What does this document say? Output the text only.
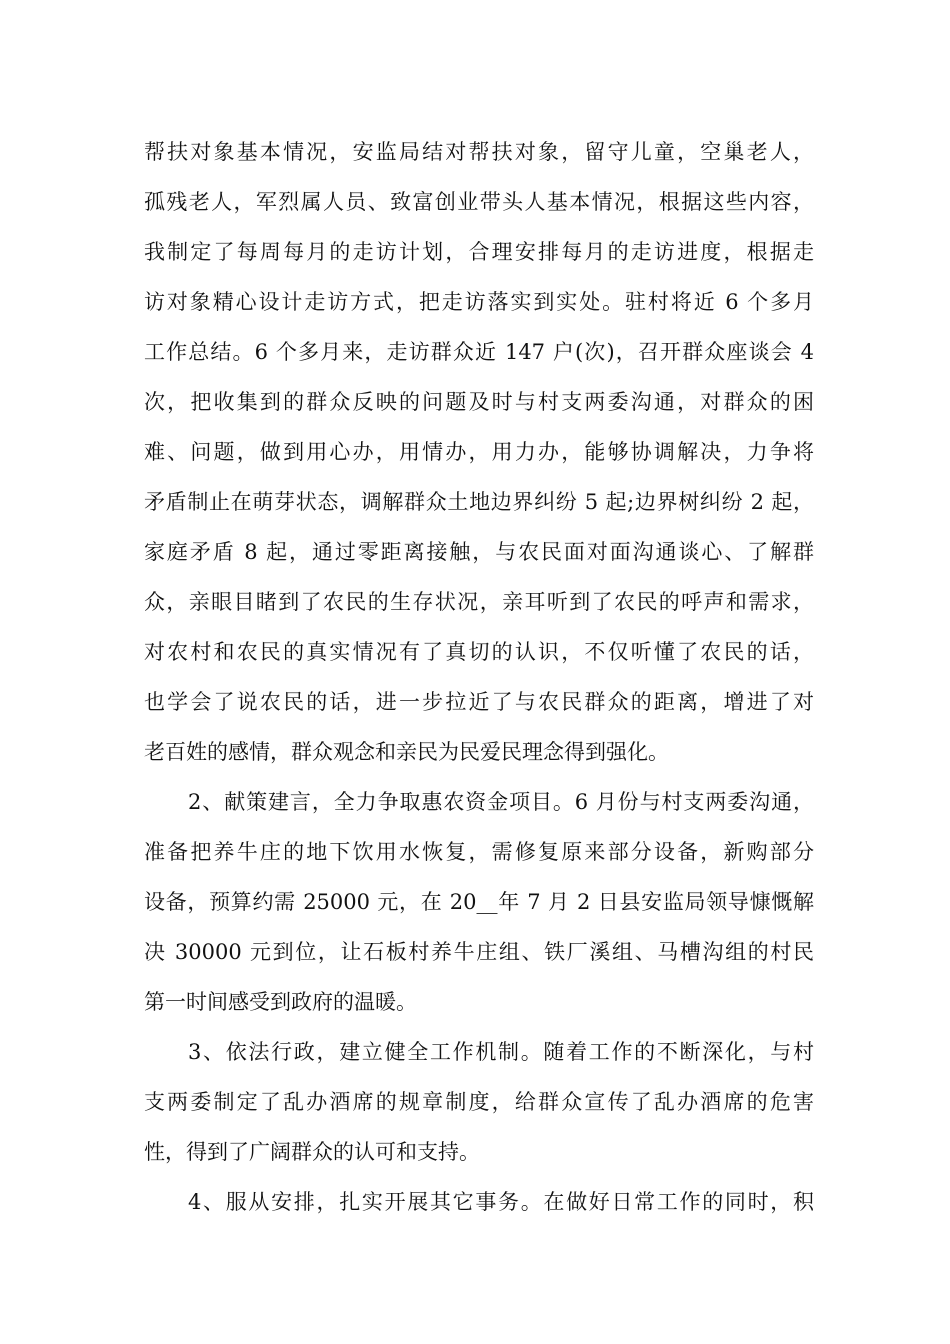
帮扶对象基本情况，安监局结对帮扶对象，留守儿童，空巢老人，
孤残老人，军烈属人员、致富创业带头人基本情况，根据这些内容，
我制定了每周每月的走访计划，合理安排每月的走访进度，根据走
访对象精心设计走访方式，把走访落实到实处。驻村将近 6 个多月
工作总结。6 个多月来，走访群众近 147 户(次)，召开群众座谈会 4
次，把收集到的群众反映的问题及时与村支两委沟通，对群众的困
难、问题，做到用心办，用情办，用力办，能够协调解决，力争将
矛盾制止在萌芽状态，调解群众土地边界纠纷 5 起;边界树纠纷 2 起，
家庭矛盾 8 起，通过零距离接触，与农民面对面沟通谈心、了解群
众，亲眼目睹到了农民的生存状况，亲耳听到了农民的呼声和需求，
对农村和农民的真实情况有了真切的认识，不仅听懂了农民的话，
也学会了说农民的话，进一步拉近了与农民群众的距离，增进了对
老百姓的感情，群众观念和亲民为民爱民理念得到强化。
2、献策建言，全力争取惠农资金项目。6 月份与村支两委沟通，
准备把养牛庄的地下饮用水恢复，需修复原来部分设备，新购部分
设备，预算约需 25000 元，在 20__年 7 月 2 日县安监局领导慷慨解
决 30000 元到位，让石板村养牛庄组、铁厂溪组、马槽沟组的村民
第一时间感受到政府的温暖。
3、依法行政，建立健全工作机制。随着工作的不断深化，与村
支两委制定了乱办酒席的规章制度，给群众宣传了乱办酒席的危害
性，得到了广阔群众的认可和支持。
4、服从安排，扎实开展其它事务。在做好日常工作的同时，积
